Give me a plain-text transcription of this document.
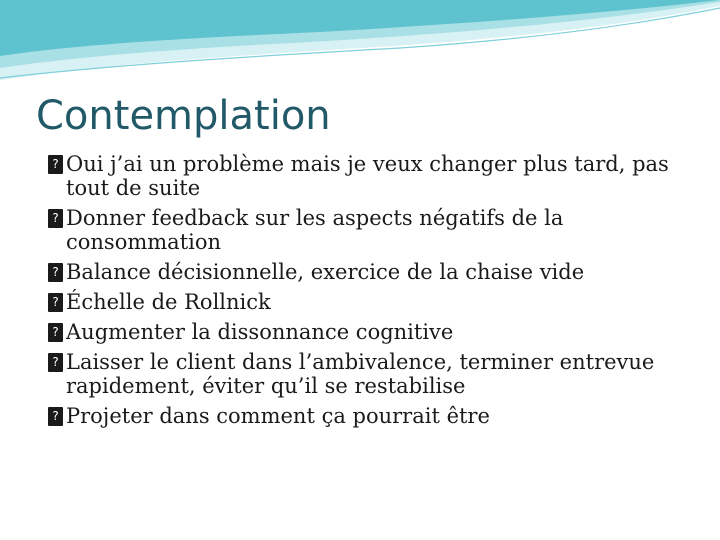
Contemplation
? Oui j’ai un problème mais je veux changer plus tard, pas tout de suite
? Donner feedback sur les aspects négatifs de la consommation
? Balance décisionnelle, exercice de la chaise vide
? Échelle de Rollnick
? Augmenter la dissonnance cognitive
? Laisser le client dans l’ambivalence, terminer entrevue rapidement, éviter qu’il se restabilise
? Projeter dans comment ça pourrait être
